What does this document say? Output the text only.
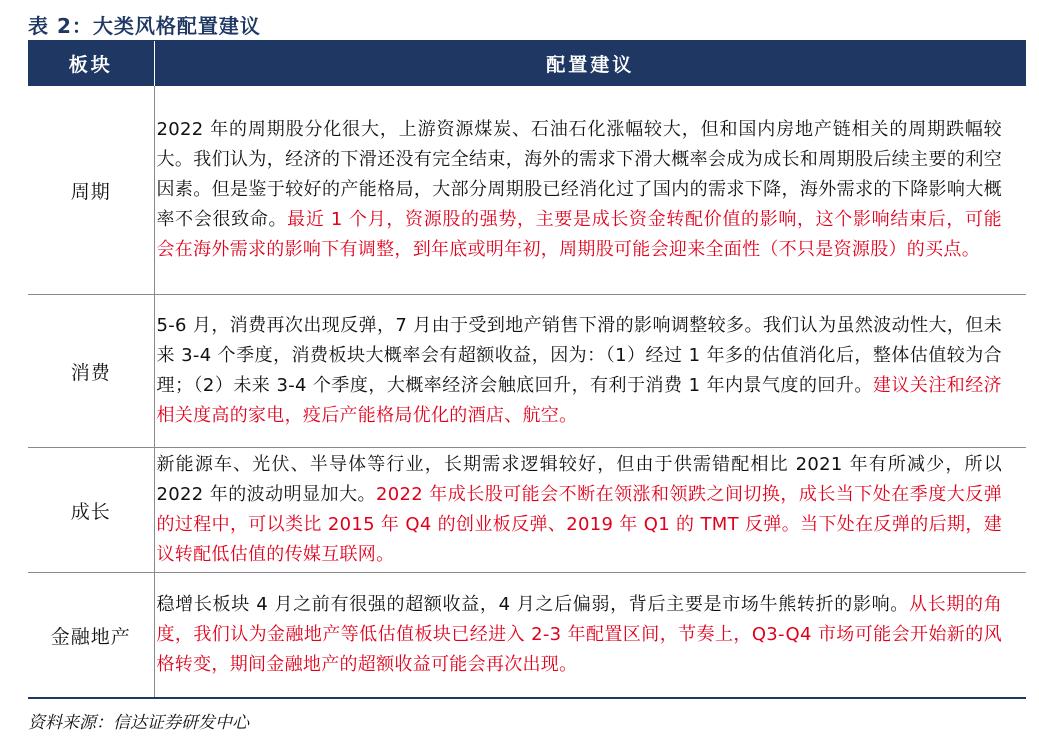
表 2：大类风格配置建议
板块	配置建议
周期	2022 年的周期股分化很大，上游资源煤炭、石油石化涨幅较大，但和国内房地产链相关的周期跌幅较大。我们认为，经济的下滑还没有完全结束，海外的需求下滑大概率会成为成长和周期股后续主要的利空因素。但是鉴于较好的产能格局，大部分周期股已经消化过了国内的需求下降，海外需求的下降影响大概率不会很致命。最近 1 个月，资源股的强势，主要是成长资金转配价值的影响，这个影响结束后，可能会在海外需求的影响下有调整，到年底或明年初，周期股可能会迎来全面性（不只是资源股）的买点。
消费	5-6 月，消费再次出现反弹，7 月由于受到地产销售下滑的影响调整较多。我们认为虽然波动性大，但未来 3-4 个季度，消费板块大概率会有超额收益，因为：（1）经过 1 年多的估值消化后，整体估值较为合理；（2）未来 3-4 个季度，大概率经济会触底回升，有利于消费 1 年内景气度的回升。建议关注和经济相关度高的家电，疫后产能格局优化的酒店、航空。
成长	新能源车、光伏、半导体等行业，长期需求逻辑较好，但由于供需错配相比 2021 年有所减少，所以 2022 年的波动明显加大。2022 年成长股可能会不断在领涨和领跌之间切换，成长当下处在季度大反弹的过程中，可以类比 2015 年 Q4 的创业板反弹、2019 年 Q1 的 TMT 反弹。当下处在反弹的后期，建议转配低估值的传媒互联网。
金融地产	稳增长板块 4 月之前有很强的超额收益，4 月之后偏弱，背后主要是市场牛熊转折的影响。从长期的角度，我们认为金融地产等低估值板块已经进入 2-3 年配置区间，节奏上，Q3-Q4 市场可能会开始新的风格转变，期间金融地产的超额收益可能会再次出现。
资料来源：信达证券研发中心
